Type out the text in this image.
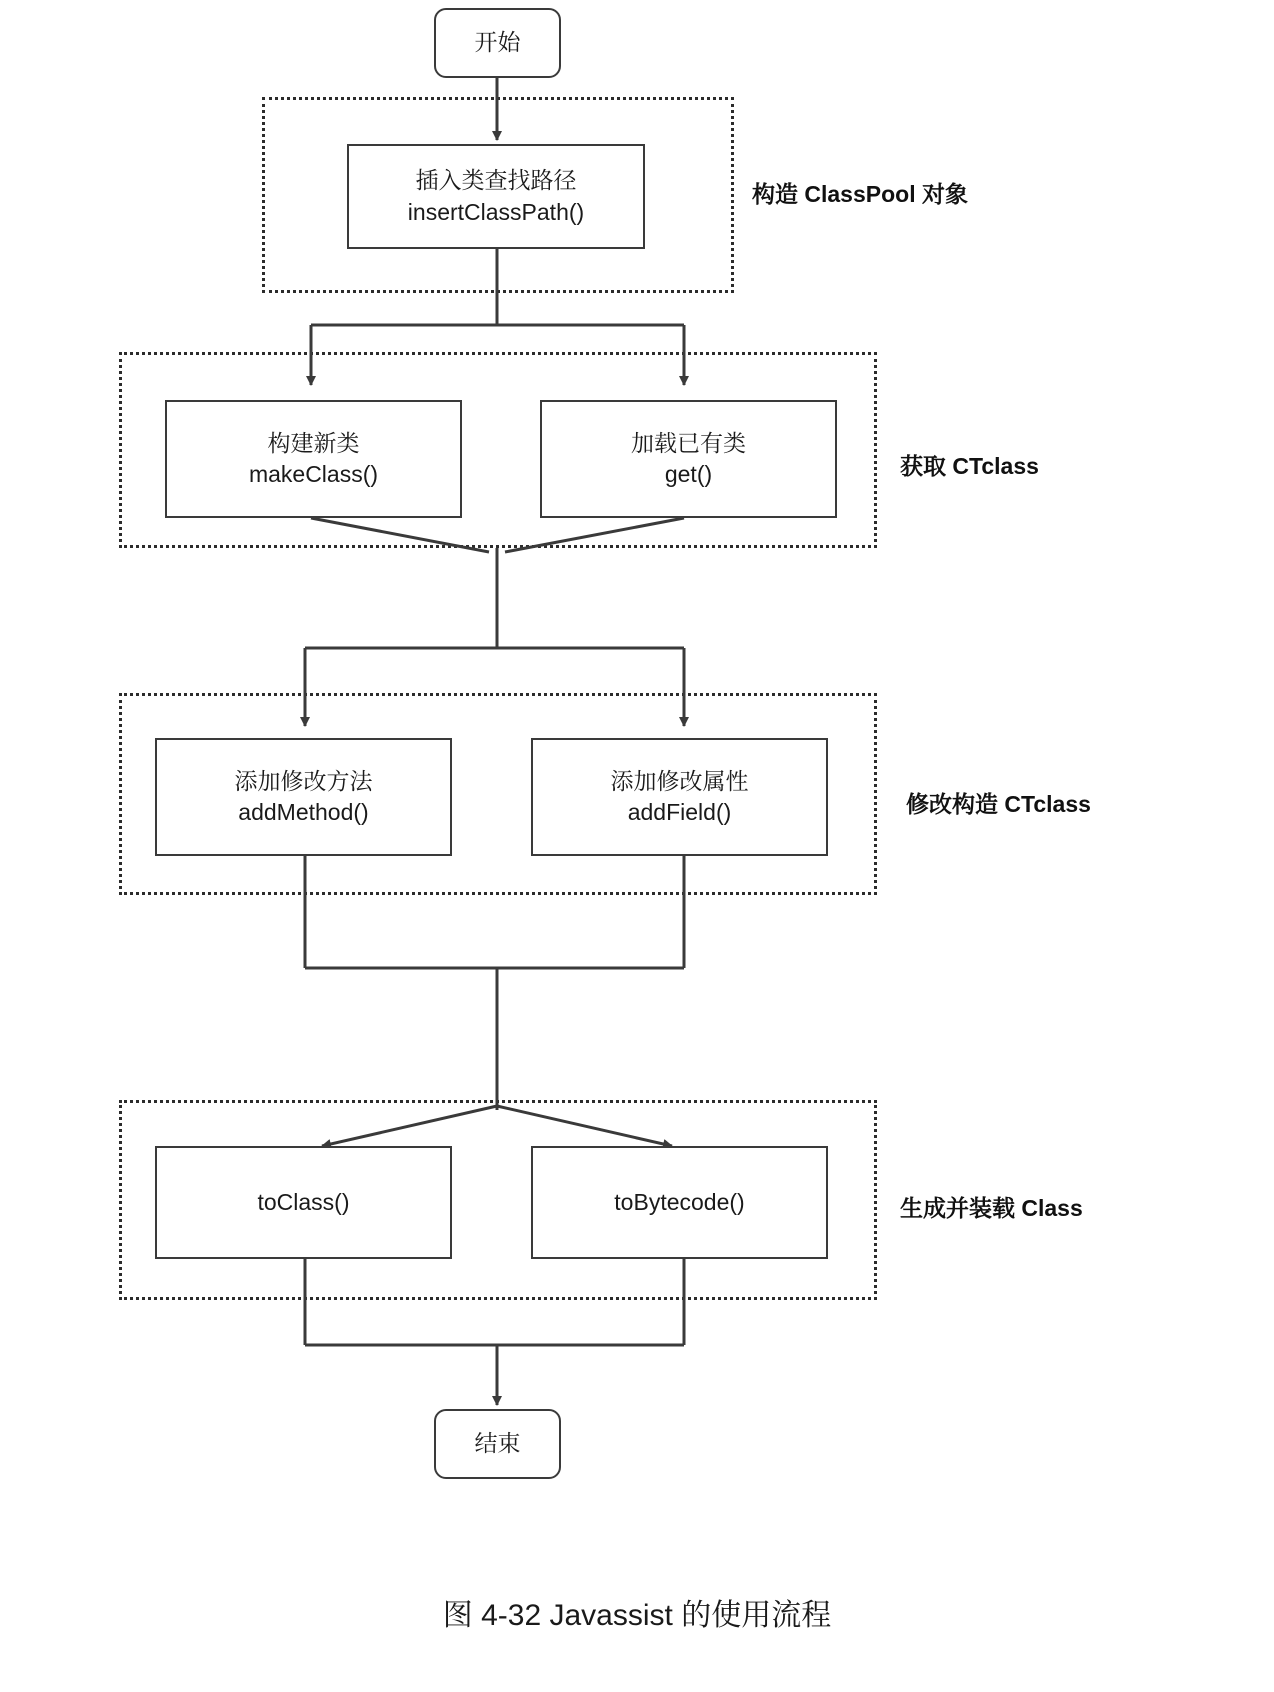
开始
插入类查找路径
insertClassPath()
构建新类
makeClass()
加载已有类
get()
添加修改方法
addMethod()
添加修改属性
addField()
toClass()	toBytecode()
结束
构造 ClassPool 对象
获取 CTclass
修改构造 CTclass
生成并装载 Class
图 4-32 Javassist 的使用流程
